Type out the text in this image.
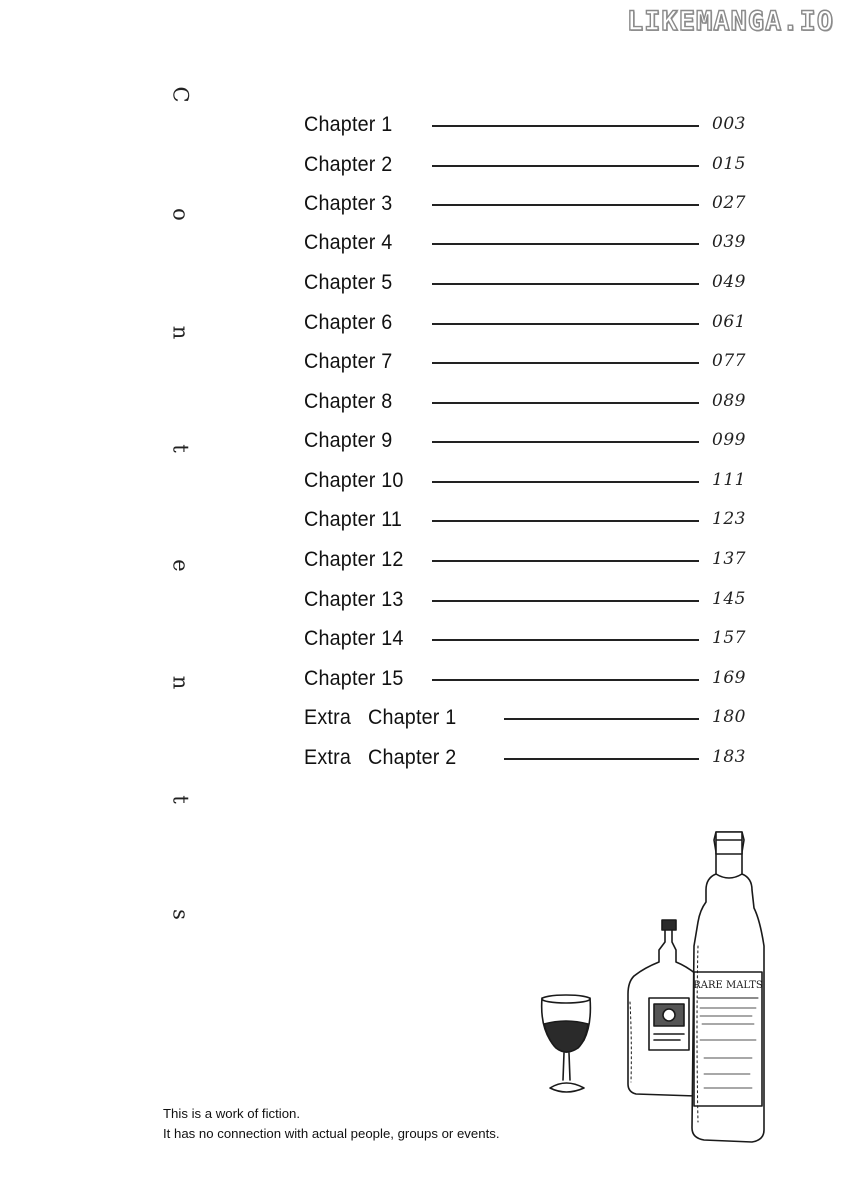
LIKEMANGA.IO
C
o
n
t
e
n
t
s
Chapter 1	003
Chapter 2	015
Chapter 3	027
Chapter 4	039
Chapter 5	049
Chapter 6	061
Chapter 7	077
Chapter 8	089
Chapter 9	099
Chapter 10	111
Chapter 11	123
Chapter 12	137
Chapter 13	145
Chapter 14	157
Chapter 15	169
Extra   Chapter 1	180
Extra   Chapter 2	183
RARE MALTS
This is a work of fiction.
It has no connection with actual people, groups or events.
